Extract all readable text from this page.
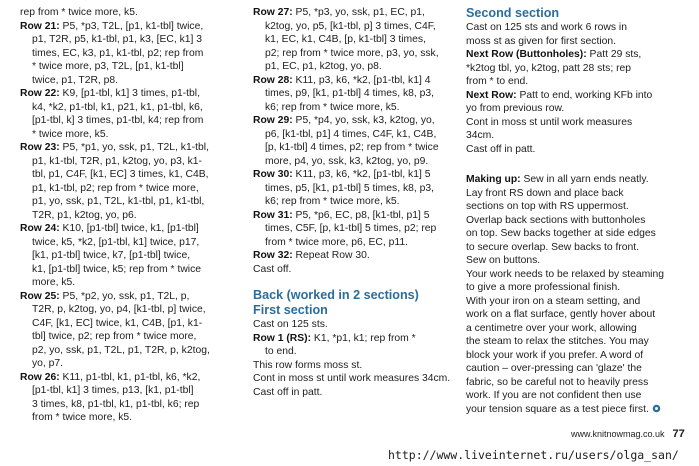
rep from * twice more, k5.
Row 21: P5, *p3, T2L, [p1, k1-tbl] twice,
p1, T2R, p5, k1-tbl, p1, k3, [EC, k1] 3
times, EC, k3, p1, k1-tbl, p2; rep from
* twice more, p3, T2L, [p1, k1-tbl]
twice, p1, T2R, p8.
Row 22: K9, [p1-tbl, k1] 3 times, p1-tbl,
k4, *k2, p1-tbl, k1, p21, k1, p1-tbl, k6,
[p1-tbl, k] 3 times, p1-tbl, k4; rep from
* twice more, k5.
Row 23: P5, *p1, yo, ssk, p1, T2L, k1-tbl,
p1, k1-tbl, T2R, p1, k2tog, yo, p3, k1-
tbl, p1, C4F, [k1, EC] 3 times, k1, C4B,
p1, k1-tbl, p2; rep from * twice more,
p1, yo, ssk, p1, T2L, k1-tbl, p1, k1-tbl,
T2R, p1, k2tog, yo, p6.
Row 24: K10, [p1-tbl] twice, k1, [p1-tbl]
twice, k5, *k2, [p1-tbl, k1] twice, p17,
[k1, p1-tbl] twice, k7, [p1-tbl] twice,
k1, [p1-tbl] twice, k5; rep from * twice
more, k5.
Row 25: P5, *p2, yo, ssk, p1, T2L, p,
T2R, p, k2tog, yo, p4, [k1-tbl, p] twice,
C4F, [k1, EC] twice, k1, C4B, [p1, k1-
tbl] twice, p2; rep from * twice more,
p2, yo, ssk, p1, T2L, p1, T2R, p, k2tog,
yo, p7.
Row 26: K11, p1-tbl, k1, p1-tbl, k6, *k2,
[p1-tbl, k1] 3 times, p13, [k1, p1-tbl]
3 times, k8, p1-tbl, k1, p1-tbl, k6; rep
from * twice more, k5.
Row 27: P5, *p3, yo, ssk, p1, EC, p1,
k2tog, yo, p5, [k1-tbl, p] 3 times, C4F,
k1, EC, k1, C4B, [p, k1-tbl] 3 times,
p2; rep from * twice more, p3, yo, ssk,
p1, EC, p1, k2tog, yo, p8.
Row 28: K11, p3, k6, *k2, [p1-tbl, k1] 4
times, p9, [k1, p1-tbl] 4 times, k8, p3,
k6; rep from * twice more, k5.
Row 29: P5, *p4, yo, ssk, k3, k2tog, yo,
p6, [k1-tbl, p1] 4 times, C4F, k1, C4B,
[p, k1-tbl] 4 times, p2; rep from * twice
more, p4, yo, ssk, k3, k2tog, yo, p9.
Row 30: K11, p3, k6, *k2, [p1-tbl, k1] 5
times, p5, [k1, p1-tbl] 5 times, k8, p3,
k6; rep from * twice more, k5.
Row 31: P5, *p6, EC, p8, [k1-tbl, p1] 5
times, C5F, [p, k1-tbl] 5 times, p2; rep
from * twice more, p6, EC, p11.
Row 32: Repeat Row 30.
Cast off.
Back (worked in 2 sections)
First section
Cast on 125 sts.
Row 1 (RS): K1, *p1, k1; rep from *
to end.
This row forms moss st.
Cont in moss st until work measures 34cm.
Cast off in patt.
Second section
Cast on 125 sts and work 6 rows in
moss st as given for first section.
Next Row (Buttonholes): Patt 29 sts,
*k2tog tbl, yo, k2tog, patt 28 sts; rep
from * to end.
Next Row: Patt to end, working KFb into
yo from previous row.
Cont in moss st until work measures
34cm.
Cast off in patt.
Making up: Sew in all yarn ends neatly.
Lay front RS down and place back
sections on top with RS uppermost.
Overlap back sections with buttonholes
on top. Sew backs together at side edges
to secure overlap. Sew backs to front.
Sew on buttons.
Your work needs to be relaxed by steaming
to give a more professional finish.
With your iron on a steam setting, and
work on a flat surface, gently hover about
a centimetre over your work, allowing
the steam to relax the stitches. You may
block your work if you prefer. A word of
caution – over-pressing can 'glaze' the
fabric, so be careful not to heavily press
work. If you are not confident then use
your tension square as a test piece first.
www.knitnowmag.co.uk 77
http://www.liveinternet.ru/users/olga_san/
